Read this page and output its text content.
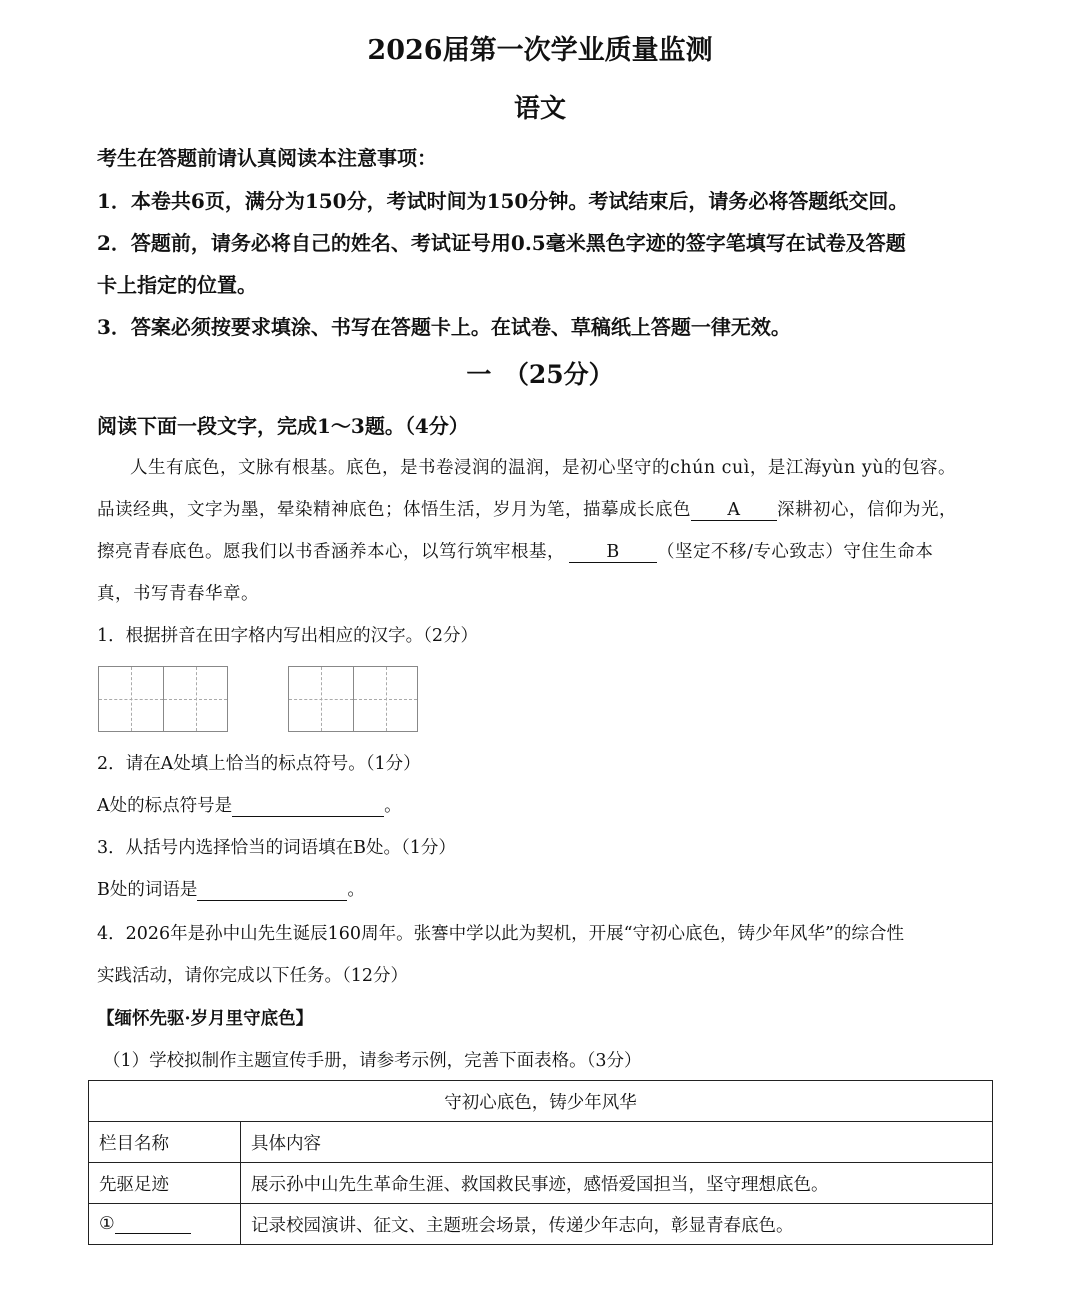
2026届第一次学业质量监测
语文
考生在答题前请认真阅读本注意事项：
1．本卷共6页，满分为150分，考试时间为150分钟。考试结束后，请务必将答题纸交回。
2．答题前，请务必将自己的姓名、考试证号用0.5毫米黑色字迹的签字笔填写在试卷及答题
卡上指定的位置。
3．答案必须按要求填涂、书写在答题卡上。在试卷、草稿纸上答题一律无效。
一　（25分）
阅读下面一段文字，完成1～3题。（4分）
人生有底色，文脉有根基。底色，是书卷浸润的温润，是初心坚守的chún cuì，是江海yùn yù的包容。
品读经典，文字为墨，晕染精神底色；体悟生活，岁月为笔，描摹成长底色 A 深耕初心，信仰为光，
擦亮青春底色。愿我们以书香涵养本心，以笃行筑牢根基， B （坚定不移/专心致志）守住生命本
真，书写青春华章。
1．根据拼音在田字格内写出相应的汉字。（2分）
2．请在A处填上恰当的标点符号。（1分）
A处的标点符号是	。
3．从括号内选择恰当的词语填在B处。（1分）
B处的词语是	。
4．2026年是孙中山先生诞辰160周年。张謇中学以此为契机，开展“守初心底色，铸少年风华”的综合性
实践活动，请你完成以下任务。（12分）
【缅怀先驱·岁月里守底色】
（1）学校拟制作主题宣传手册，请参考示例，完善下面表格。（3分）
守初心底色，铸少年风华	
栏目名称	具体内容
先驱足迹	展示孙中山先生革命生涯、救国救民事迹，感悟爱国担当，坚守理想底色。
①	记录校园演讲、征文、主题班会场景，传递少年志向，彰显青春底色。
